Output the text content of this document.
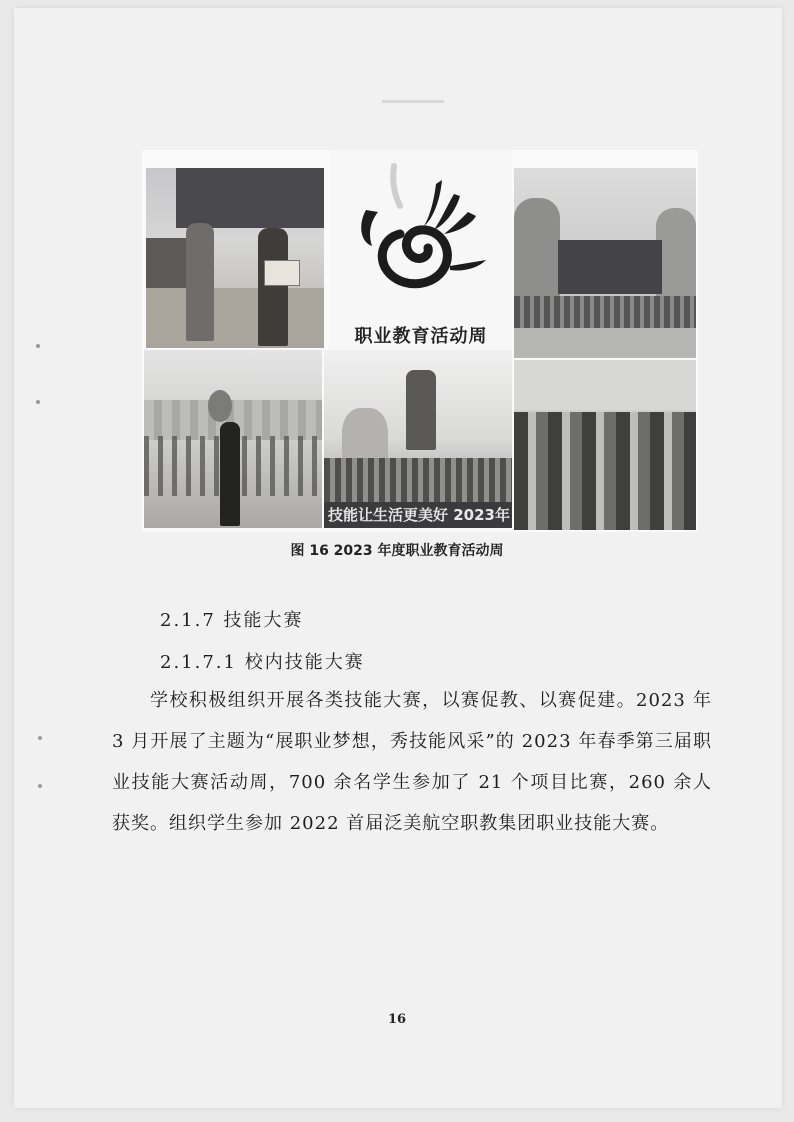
职业教育活动周
技能让生活更美好 2023年
图 16 2023 年度职业教育活动周
2.1.7 技能大赛
2.1.7.1 校内技能大赛
学校积极组织开展各类技能大赛，以赛促教、以赛促建。2023 年 3 月开展了主题为“展职业梦想，秀技能风采”的 2023 年春季第三届职业技能大赛活动周，700 余名学生参加了 21 个项目比赛，260 余人获奖。组织学生参加 2022 首届泛美航空职教集团职业技能大赛。
16
